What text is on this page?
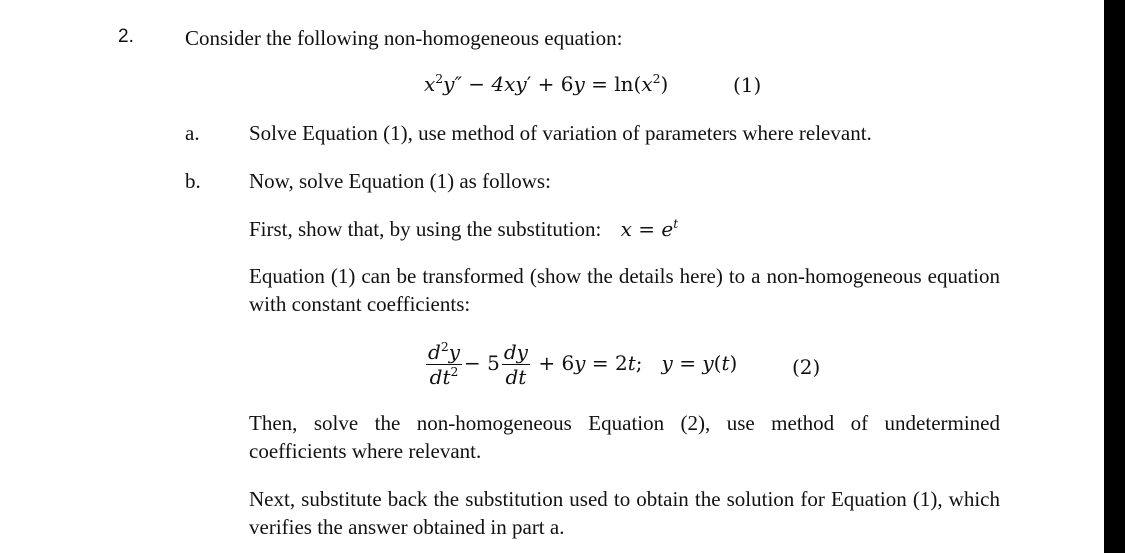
2. Consider the following non-homogeneous equation:
$x^2y'' - 4xy' + 6y = \ln(x^2)$	(1)
a. Solve Equation (1), use method of variation of parameters where relevant.
b. Now, solve Equation (1) as follows:
First, show that, by using the substitution: $x = e^t$
Equation (1) can be transformed (show the details here) to a non-homogeneous equation with constant coefficients:
$\frac{d^2y}{dt^2} - 5 \frac{dy}{dt} + 6y = 2t$;   y = y(t)	(2)
Then, solve the non-homogeneous Equation (2), use method of undetermined coefficients where relevant.
Next, substitute back the substitution used to obtain the solution for Equation (1), which verifies the answer obtained in part a.
